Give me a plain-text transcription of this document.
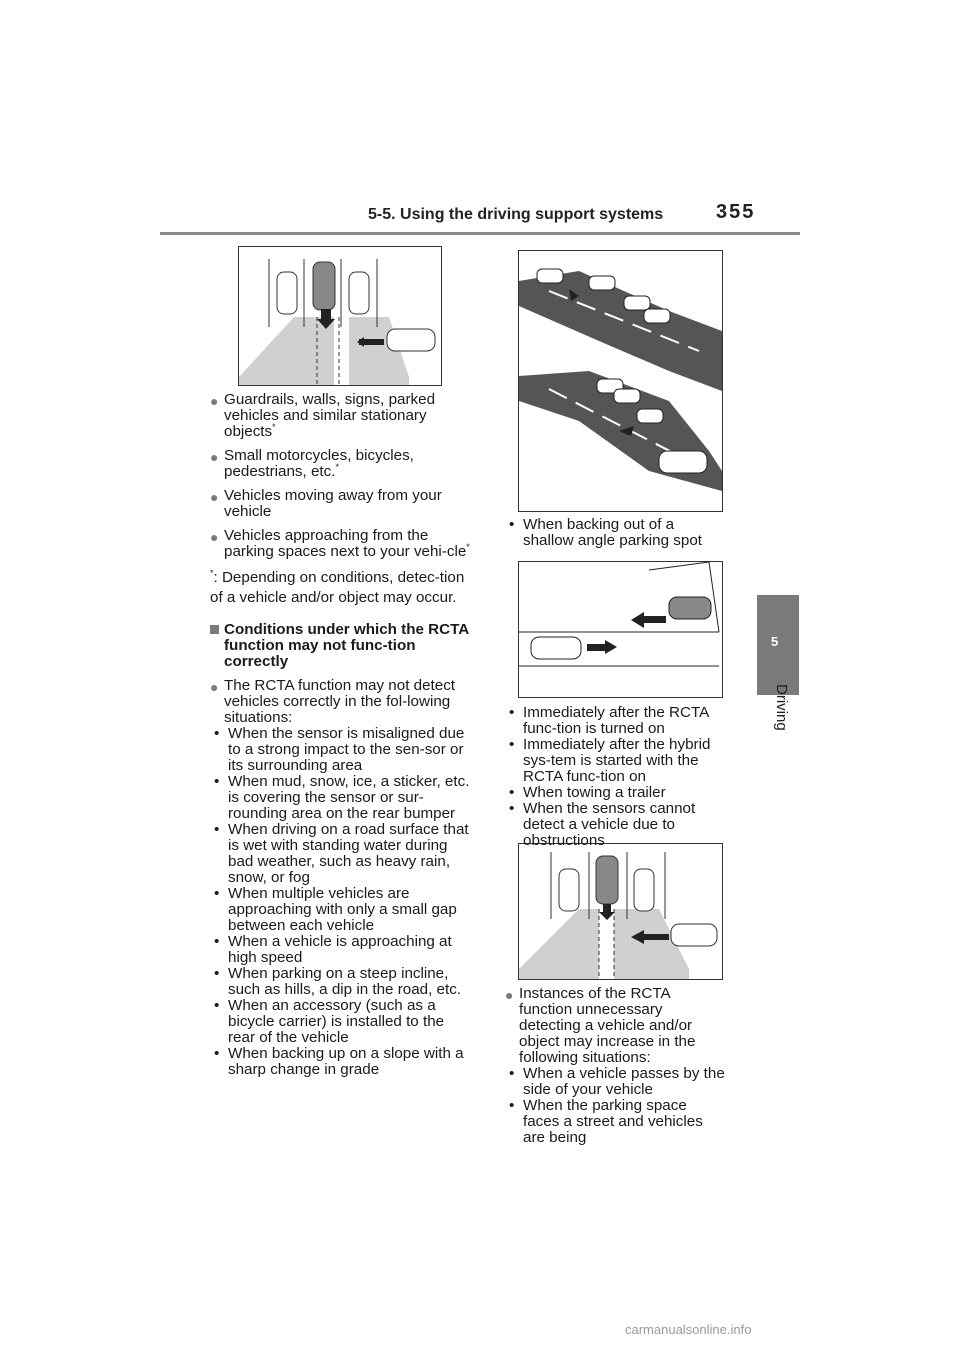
5-5. Using the driving support systems	355
5
Driving
● Guardrails, walls, signs, parked vehicles and similar stationary objects*
● Small motorcycles, bicycles, pedestrians, etc.*
● Vehicles moving away from your vehicle
● Vehicles approaching from the parking spaces next to your vehi-cle*
*: Depending on conditions, detec-tion of a vehicle and/or object may occur.
Conditions under which the RCTA function may not func-tion correctly
● The RCTA function may not detect vehicles correctly in the fol-lowing situations:
• When the sensor is misaligned due to a strong impact to the sen-sor or its surrounding area
• When mud, snow, ice, a sticker, etc. is covering the sensor or sur-rounding area on the rear bumper
• When driving on a road surface that is wet with standing water during bad weather, such as heavy rain, snow, or fog
• When multiple vehicles are approaching with only a small gap between each vehicle
• When a vehicle is approaching at high speed
• When parking on a steep incline, such as hills, a dip in the road, etc.
• When an accessory (such as a bicycle carrier) is installed to the rear of the vehicle
• When backing up on a slope with a sharp change in grade
• When backing out of a shallow angle parking spot
• Immediately after the RCTA func-tion is turned on
• Immediately after the hybrid sys-tem is started with the RCTA func-tion on
• When towing a trailer
• When the sensors cannot detect a vehicle due to obstructions
● Instances of the RCTA function unnecessary detecting a vehicle and/or object may increase in the following situations:
• When a vehicle passes by the side of your vehicle
• When the parking space faces a street and vehicles are being
carmanualsonline.info
